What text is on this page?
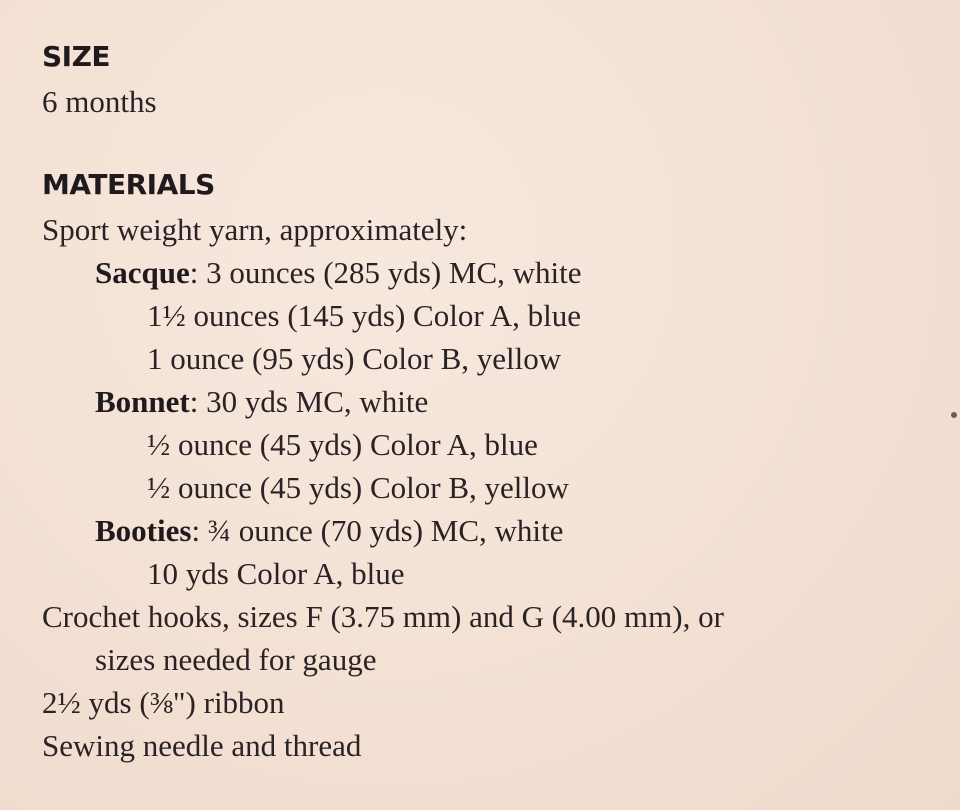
SIZE

6 months

MATERIALS

Sport weight yarn, approximately:

Sacque: 3 ounces (285 yds) MC, white

1½ ounces (145 yds) Color A, blue

1 ounce (95 yds) Color B, yellow

Bonnet: 30 yds MC, white

½ ounce (45 yds) Color A, blue

½ ounce (45 yds) Color B, yellow

Booties: ¾ ounce (70 yds) MC, white

10 yds Color A, blue

Crochet hooks, sizes F (3.75 mm) and G (4.00 mm), or

sizes needed for gauge

2½ yds (⅜") ribbon

Sewing needle and thread
